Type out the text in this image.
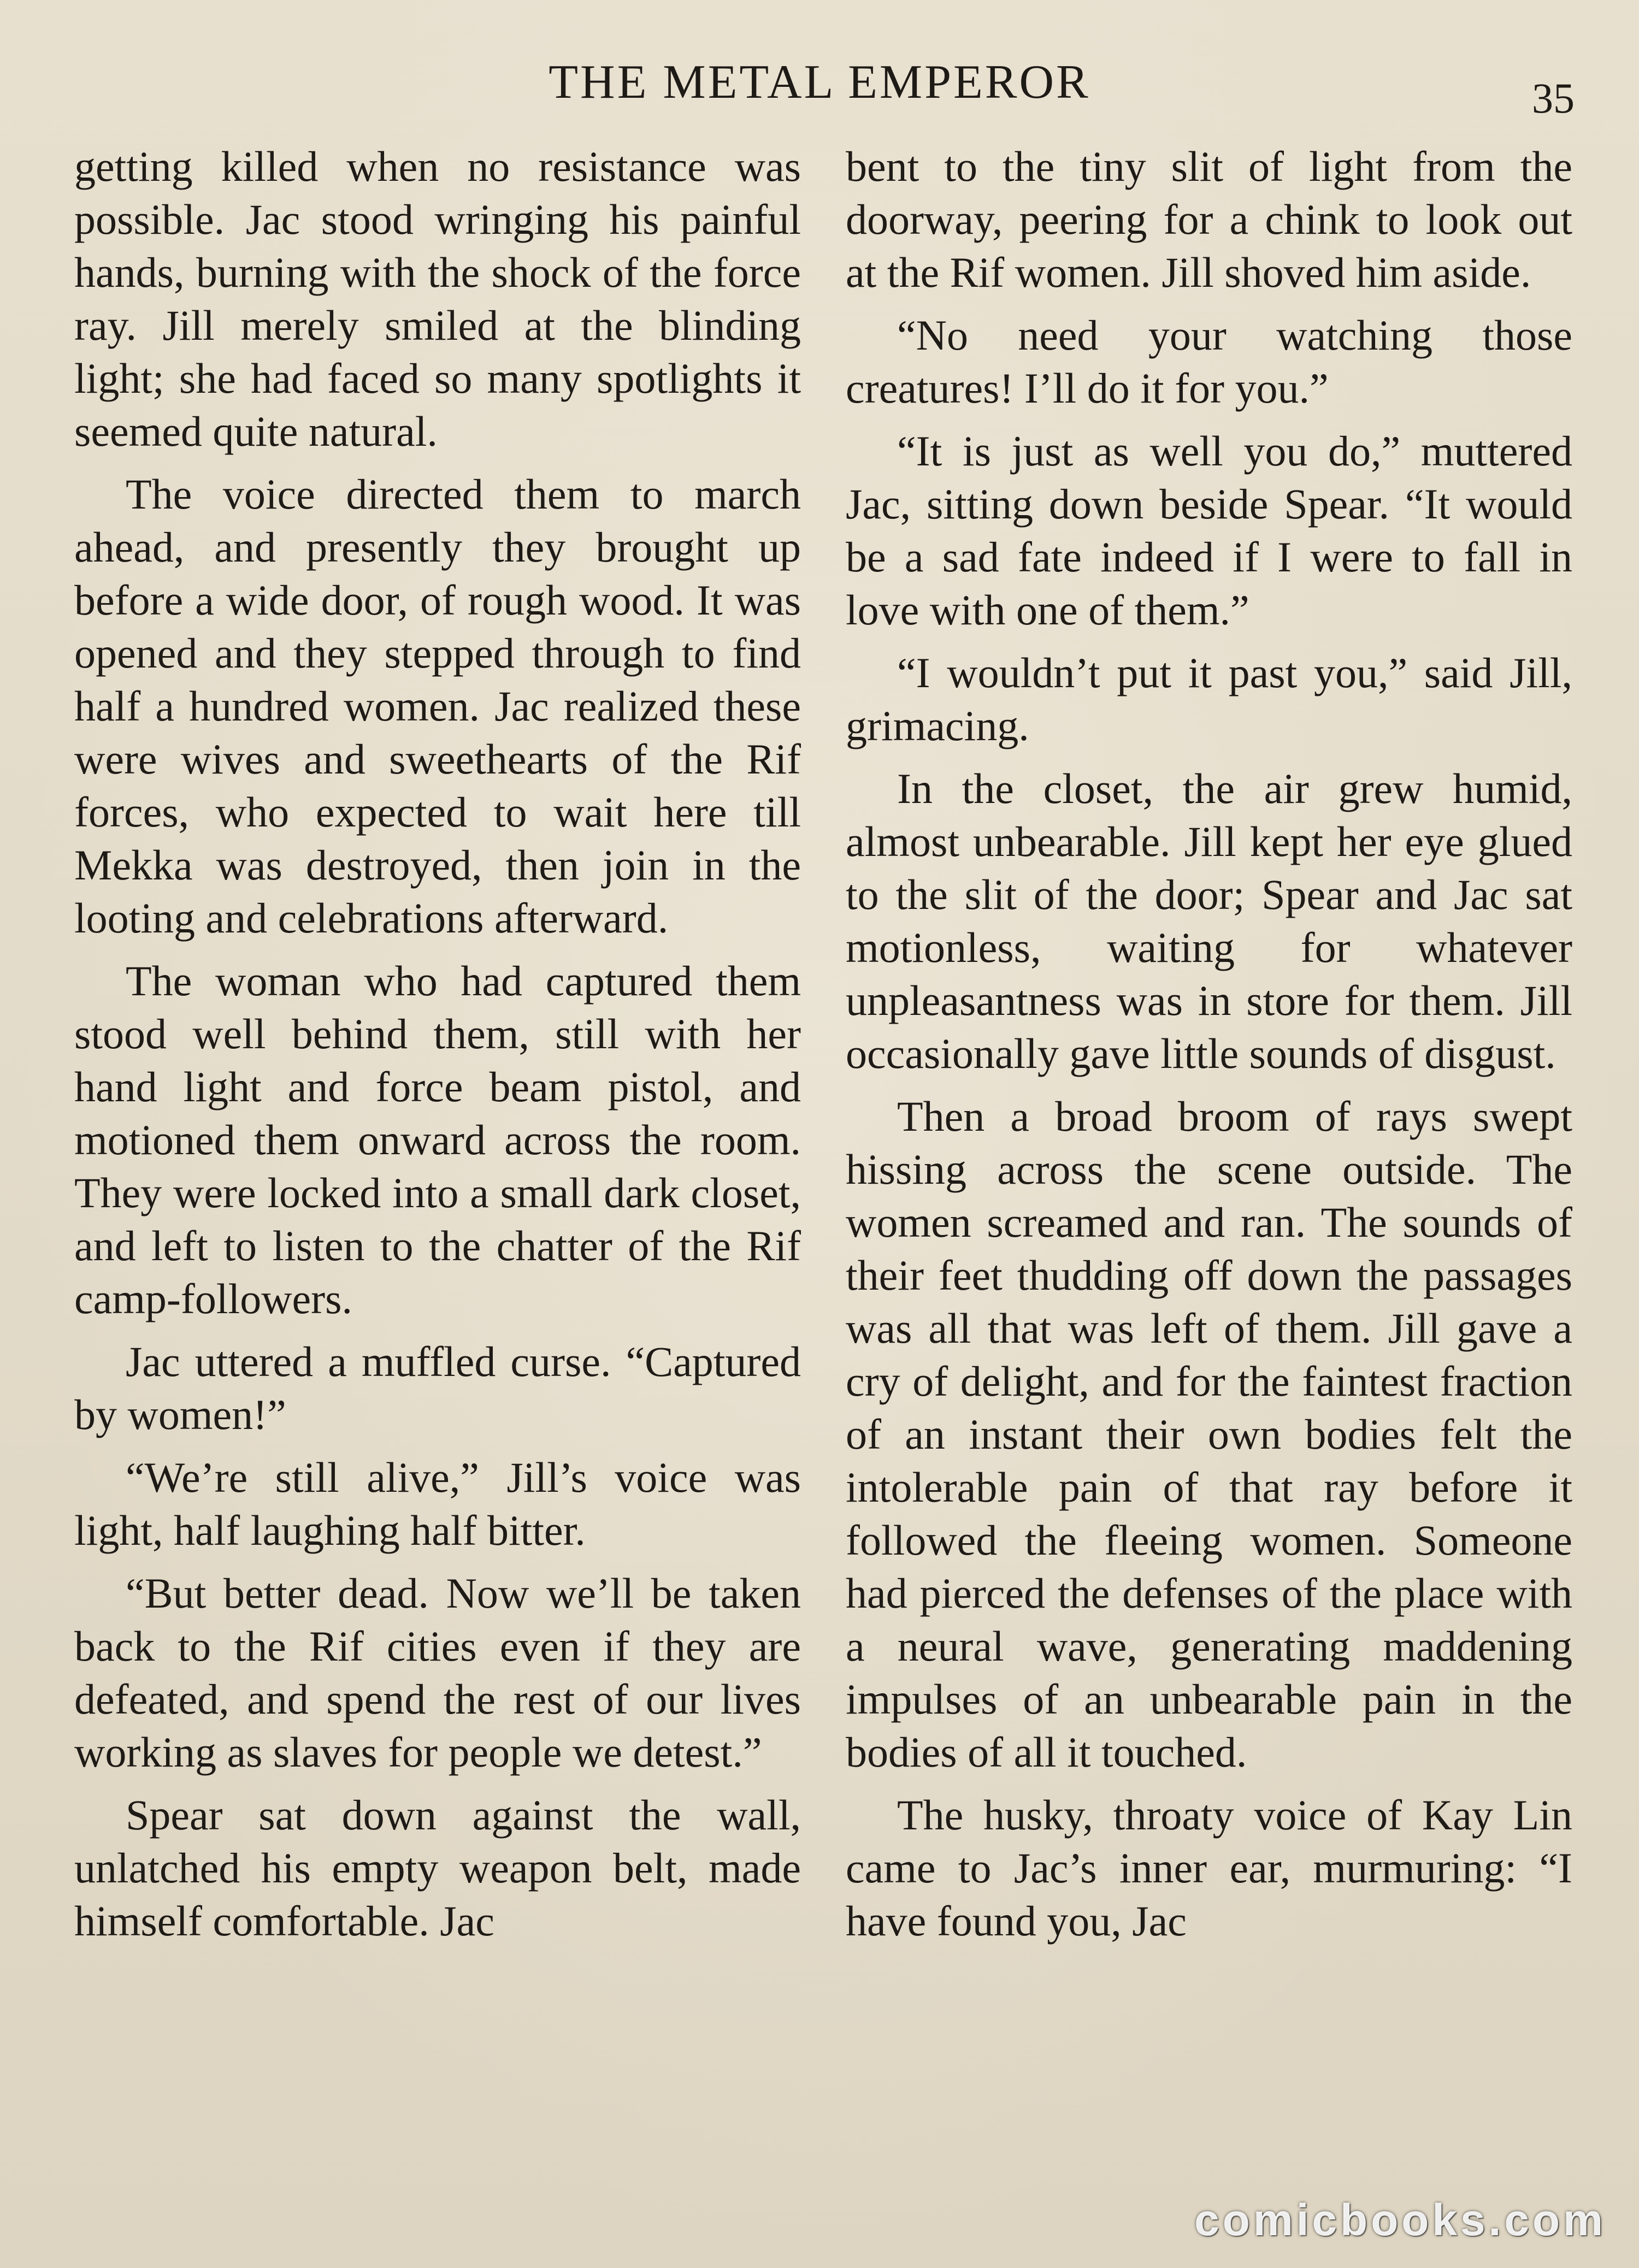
THE METAL EMPEROR	35

getting killed when no resistance was possible. Jac stood wringing his painful hands, burning with the shock of the force ray. Jill merely smiled at the blinding light; she had faced so many spotlights it seemed quite natural.

The voice directed them to march ahead, and presently they brought up before a wide door, of rough wood. It was opened and they stepped through to find half a hundred women. Jac realized these were wives and sweethearts of the Rif forces, who expected to wait here till Mekka was destroyed, then join in the looting and celebrations afterward.

The woman who had captured them stood well behind them, still with her hand light and force beam pistol, and motioned them onward across the room. They were locked into a small dark closet, and left to listen to the chatter of the Rif camp-followers.

Jac uttered a muffled curse. “Captured by women!”

“We’re still alive,” Jill’s voice was light, half laughing half bitter.

“But better dead. Now we’ll be taken back to the Rif cities even if they are defeated, and spend the rest of our lives working as slaves for people we detest.”

Spear sat down against the wall, unlatched his empty weapon belt, made himself comfortable. Jac

bent to the tiny slit of light from the doorway, peering for a chink to look out at the Rif women. Jill shoved him aside.

“No need your watching those creatures! I’ll do it for you.”

“It is just as well you do,” muttered Jac, sitting down beside Spear. “It would be a sad fate indeed if I were to fall in love with one of them.”

“I wouldn’t put it past you,” said Jill, grimacing.

In the closet, the air grew humid, almost unbearable. Jill kept her eye glued to the slit of the door; Spear and Jac sat motionless, waiting for whatever unpleasantness was in store for them. Jill occasionally gave little sounds of disgust.

Then a broad broom of rays swept hissing across the scene outside. The women screamed and ran. The sounds of their feet thudding off down the passages was all that was left of them. Jill gave a cry of delight, and for the faintest fraction of an instant their own bodies felt the intolerable pain of that ray before it followed the fleeing women. Someone had pierced the defenses of the place with a neural wave, generating maddening impulses of an unbearable pain in the bodies of all it touched.

The husky, throaty voice of Kay Lin came to Jac’s inner ear, murmuring: “I have found you, Jac

comicbooks.com
